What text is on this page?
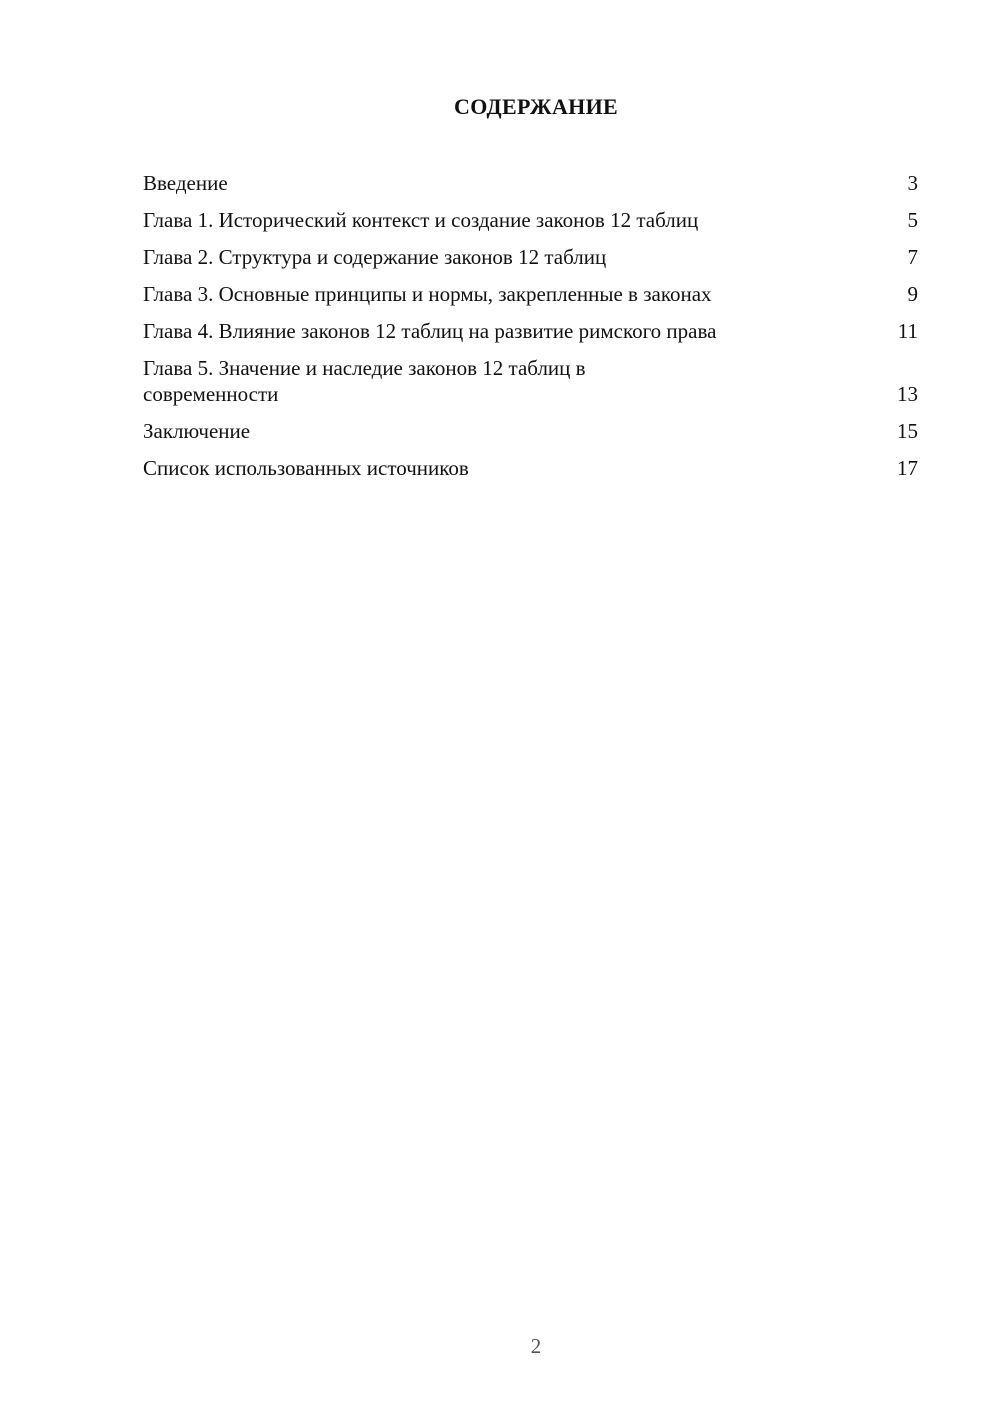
СОДЕРЖАНИЕ
Введение	3
Глава 1. Исторический контекст и создание законов 12 таблиц	5
Глава 2. Структура и содержание законов 12 таблиц	7
Глава 3. Основные принципы и нормы, закрепленные в законах	9
Глава 4. Влияние законов 12 таблиц на развитие римского права	11
Глава 5. Значение и наследие законов 12 таблиц в современности	13
Заключение	15
Список использованных источников	17
2
